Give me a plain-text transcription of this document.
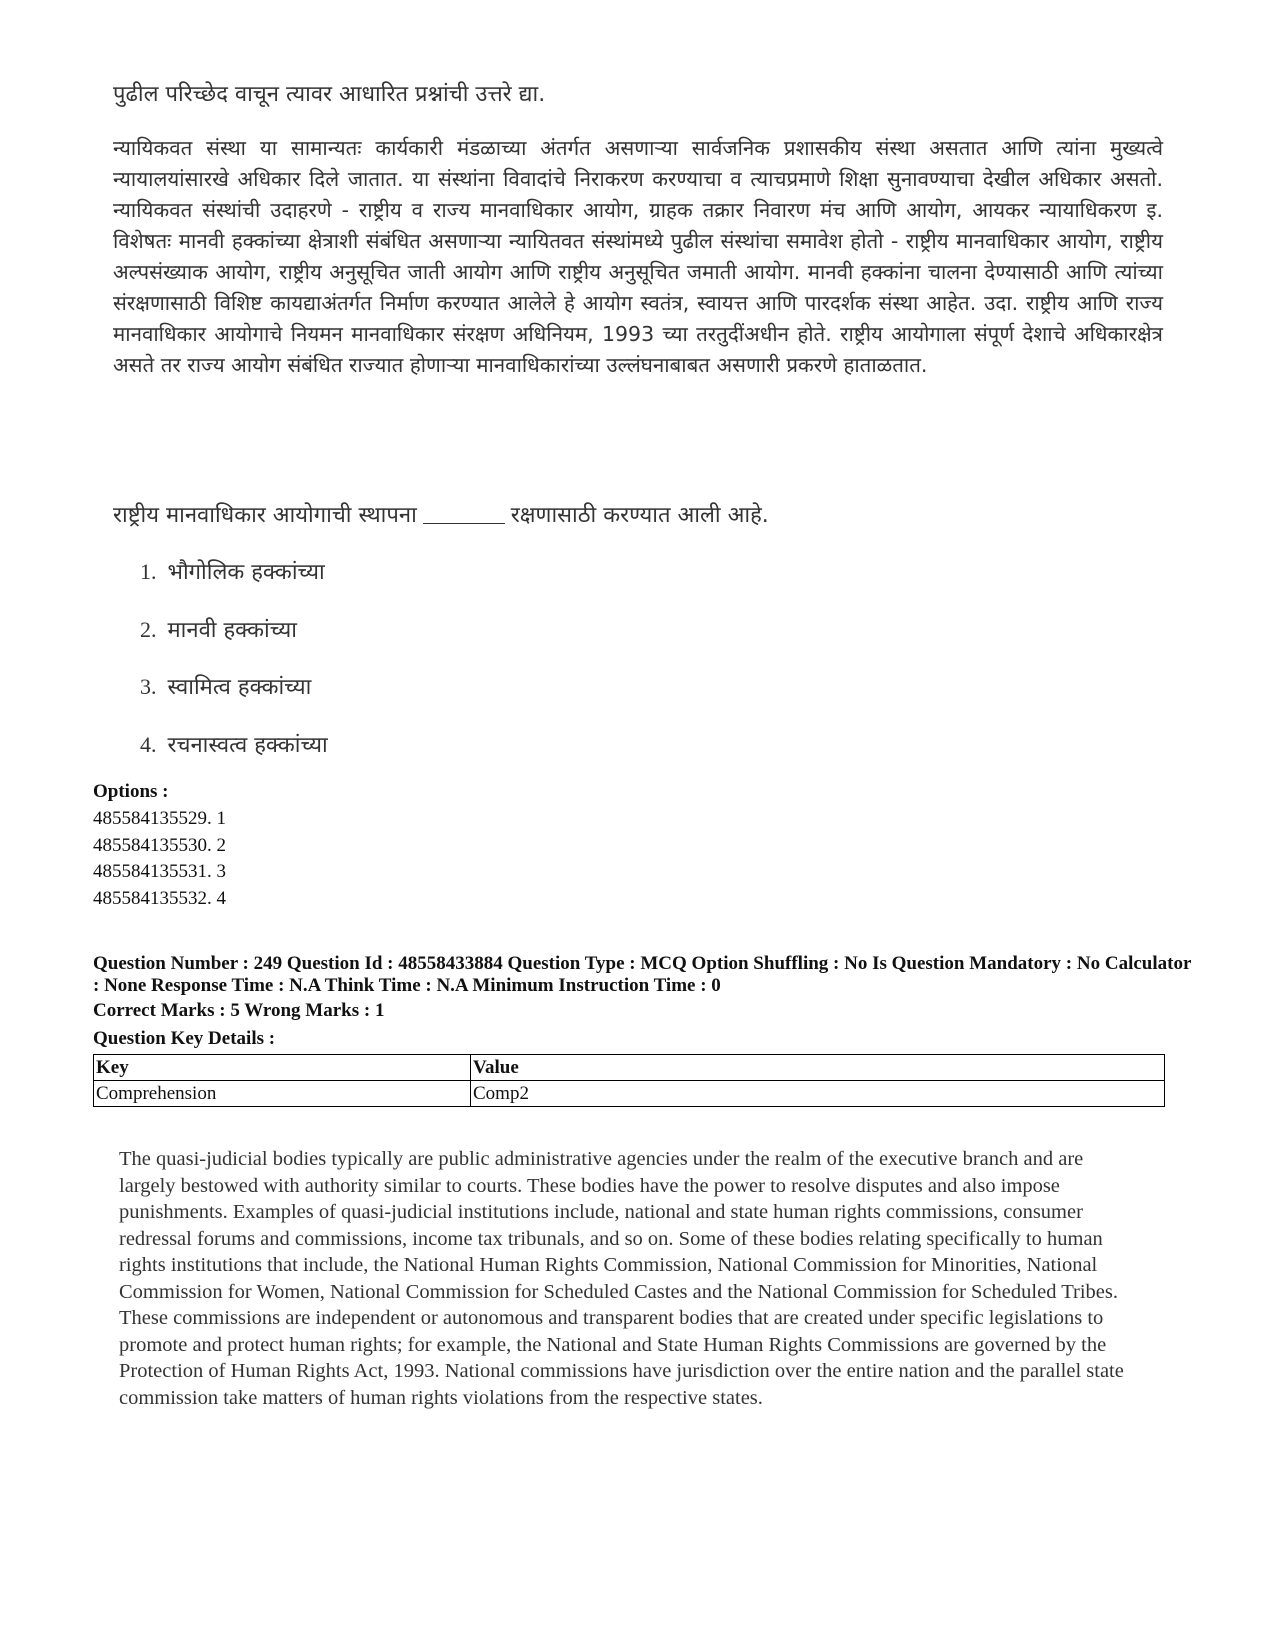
पुढील परिच्छेद वाचून त्यावर आधारित प्रश्नांची उत्तरे द्या.
न्यायिकवत संस्था या सामान्यतः कार्यकारी मंडळाच्या अंतर्गत असणाऱ्या सार्वजनिक प्रशासकीय संस्था असतात आणि त्यांना मुख्यत्वे न्यायालयांसारखे अधिकार दिले जातात. या संस्थांना विवादांचे निराकरण करण्याचा व त्याचप्रमाणे शिक्षा सुनावण्याचा देखील अधिकार असतो. न्यायिकवत संस्थांची उदाहरणे - राष्ट्रीय व राज्य मानवाधिकार आयोग, ग्राहक तक्रार निवारण मंच आणि आयोग, आयकर न्यायाधिकरण इ. विशेषतः मानवी हक्कांच्या क्षेत्राशी संबंधित असणाऱ्या न्यायितवत संस्थांमध्ये पुढील संस्थांचा समावेश होतो - राष्ट्रीय मानवाधिकार आयोग, राष्ट्रीय अल्पसंख्याक आयोग, राष्ट्रीय अनुसूचित जाती आयोग आणि राष्ट्रीय अनुसूचित जमाती आयोग. मानवी हक्कांना चालना देण्यासाठी आणि त्यांच्या संरक्षणासाठी विशिष्ट कायद्याअंतर्गत निर्माण करण्यात आलेले हे आयोग स्वतंत्र, स्वायत्त आणि पारदर्शक संस्था आहेत. उदा. राष्ट्रीय आणि राज्य मानवाधिकार आयोगाचे नियमन मानवाधिकार संरक्षण अधिनियम, 1993 च्या तरतुदींअधीन होते. राष्ट्रीय आयोगाला संपूर्ण देशाचे अधिकारक्षेत्र असते तर राज्य आयोग संबंधित राज्यात होणाऱ्या मानवाधिकारांच्या उल्लंघनाबाबत असणारी प्रकरणे हाताळतात.
राष्ट्रीय मानवाधिकार आयोगाची स्थापना	रक्षणासाठी करण्यात आली आहे.
1. भौगोलिक हक्कांच्या
2. मानवी हक्कांच्या
3. स्वामित्व हक्कांच्या
4. रचनास्वत्व हक्कांच्या
Options :
485584135529. 1
485584135530. 2
485584135531. 3
485584135532. 4
Question Number : 249 Question Id : 48558433884 Question Type : MCQ Option Shuffling : No Is Question Mandatory : No Calculator : None Response Time : N.A Think Time : N.A Minimum Instruction Time : 0
Correct Marks : 5 Wrong Marks : 1
Question Key Details :
Key	Value
Comprehension	Comp2
The quasi-judicial bodies typically are public administrative agencies under the realm of the executive branch and are largely bestowed with authority similar to courts. These bodies have the power to resolve disputes and also impose punishments. Examples of quasi-judicial institutions include, national and state human rights commissions, consumer redressal forums and commissions, income tax tribunals, and so on. Some of these bodies relating specifically to human rights institutions that include, the National Human Rights Commission, National Commission for Minorities, National Commission for Women, National Commission for Scheduled Castes and the National Commission for Scheduled Tribes. These commissions are independent or autonomous and transparent bodies that are created under specific legislations to promote and protect human rights; for example, the National and State Human Rights Commissions are governed by the Protection of Human Rights Act, 1993. National commissions have jurisdiction over the entire nation and the parallel state commission take matters of human rights violations from the respective states.
